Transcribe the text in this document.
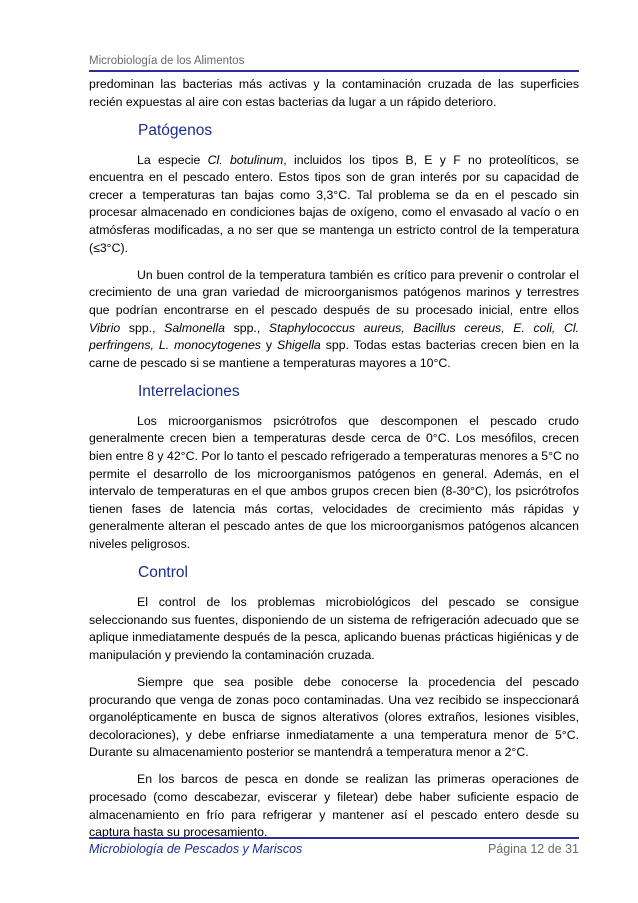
Microbiología de los Alimentos

predominan las bacterias más activas y la contaminación cruzada de las superficies recién expuestas al aire con estas bacterias da lugar a un rápido deterioro.

Patógenos

La especie Cl. botulinum, incluidos los tipos B, E y F no proteolíticos, se encuentra en el pescado entero. Estos tipos son de gran interés por su capacidad de crecer a temperaturas tan bajas como 3,3°C. Tal problema se da en el pescado sin procesar almacenado en condiciones bajas de oxígeno, como el envasado al vacío o en atmósferas modificadas, a no ser que se mantenga un estricto control de la temperatura (≤3°C).

Un buen control de la temperatura también es crítico para prevenir o controlar el crecimiento de una gran variedad de microorganismos patógenos marinos y terrestres que podrían encontrarse en el pescado después de su procesado inicial, entre ellos Vibrio spp., Salmonella spp., Staphylococcus aureus, Bacillus cereus, E. coli, Cl. perfringens, L. monocytogenes y Shigella spp. Todas estas bacterias crecen bien en la carne de pescado si se mantiene a temperaturas mayores a 10°C.

Interrelaciones

Los microorganismos psicrótrofos que descomponen el pescado crudo generalmente crecen bien a temperaturas desde cerca de 0°C. Los mesófilos, crecen bien entre 8 y 42°C. Por lo tanto el pescado refrigerado a temperaturas menores a 5°C no permite el desarrollo de los microorganismos patógenos en general. Además, en el intervalo de temperaturas en el que ambos grupos crecen bien (8-30°C), los psicrótrofos tienen fases de latencia más cortas, velocidades de crecimiento más rápidas y generalmente alteran el pescado antes de que los microorganismos patógenos alcancen niveles peligrosos.

Control

El control de los problemas microbiológicos del pescado se consigue seleccionando sus fuentes, disponiendo de un sistema de refrigeración adecuado que se aplique inmediatamente después de la pesca, aplicando buenas prácticas higiénicas y de manipulación y previendo la contaminación cruzada.

Siempre que sea posible debe conocerse la procedencia del pescado procurando que venga de zonas poco contaminadas. Una vez recibido se inspeccionará organolépticamente en busca de signos alterativos (olores extraños, lesiones visibles, decoloraciones), y debe enfriarse inmediatamente a una temperatura menor de 5°C. Durante su almacenamiento posterior se mantendrá a temperatura menor a 2°C.

En los barcos de pesca en donde se realizan las primeras operaciones de procesado (como descabezar, eviscerar y filetear) debe haber suficiente espacio de almacenamiento en frío para refrigerar y mantener así el pescado entero desde su captura hasta su procesamiento.

Microbiología de Pescados y Mariscos	Página 12 de 31
